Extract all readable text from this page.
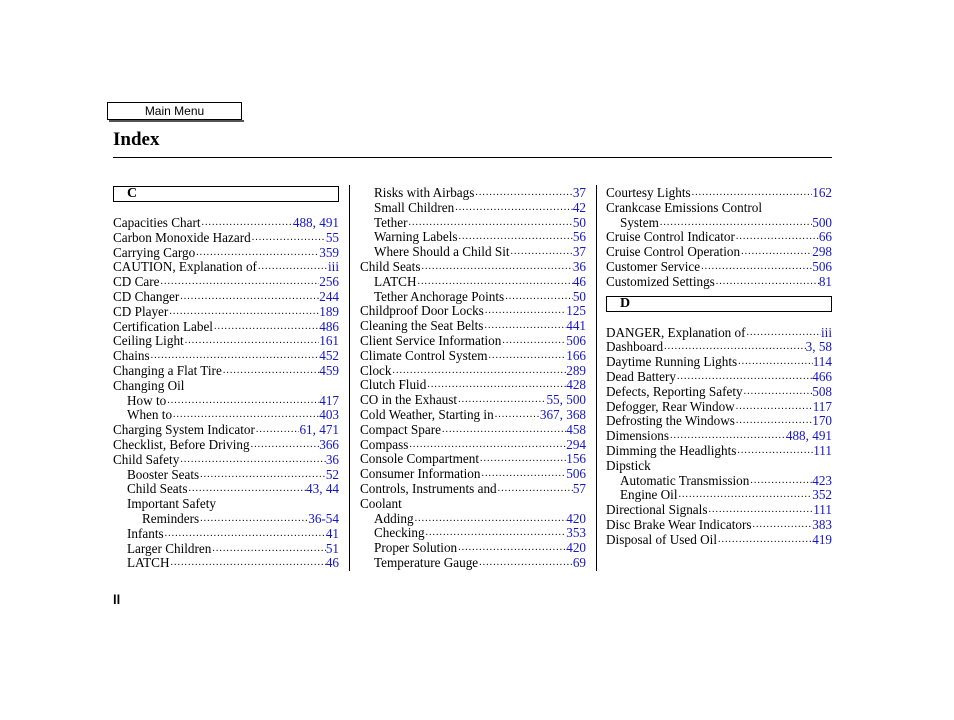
Main Menu
Index
C
Capacities Chart .....	488, 491
Carbon Monoxide Hazard .....	55
Carrying Cargo .....	359
CAUTION, Explanation of .....	iii
CD Care .....	256
CD Changer .....	244
CD Player .....	189
Certification Label .....	486
Ceiling Light .....	161
Chains .....	452
Changing a Flat Tire .....	459
Changing Oil
How to .....	417
When to .....	403
Charging System Indicator .....	61, 471
Checklist, Before Driving .....	366
Child Safety .....	36
Booster Seats .....	52
Child Seats .....	43, 44
Important Safety
Reminders .....	36-54
Infants .....	41
Larger Children .....	51
LATCH .....	46
Risks with Airbags .....	37
Small Children .....	42
Tether .....	50
Warning Labels .....	56
Where Should a Child Sit .....	37
Child Seats .....	36
LATCH .....	46
Tether Anchorage Points .....	50
Childproof Door Locks .....	125
Cleaning the Seat Belts .....	441
Client Service Information .....	506
Climate Control System .....	166
Clock .....	289
Clutch Fluid .....	428
CO in the Exhaust .....	55, 500
Cold Weather, Starting in .....	367, 368
Compact Spare .....	458
Compass .....	294
Console Compartment .....	156
Consumer Information .....	506
Controls, Instruments and .....	57
Coolant
Adding .....	420
Checking .....	353
Proper Solution .....	420
Temperature Gauge .....	69
Courtesy Lights .....	162
Crankcase Emissions Control
System .....	500
Cruise Control Indicator .....	66
Cruise Control Operation .....	298
Customer Service .....	506
Customized Settings .....	81
D
DANGER, Explanation of .....	iii
Dashboard .....	3, 58
Daytime Running Lights .....	114
Dead Battery .....	466
Defects, Reporting Safety .....	508
Defogger, Rear Window .....	117
Defrosting the Windows .....	170
Dimensions .....	488, 491
Dimming the Headlights .....	111
Dipstick
Automatic Transmission .....	423
Engine Oil .....	352
Directional Signals .....	111
Disc Brake Wear Indicators .....	383
Disposal of Used Oil .....	419
ll
